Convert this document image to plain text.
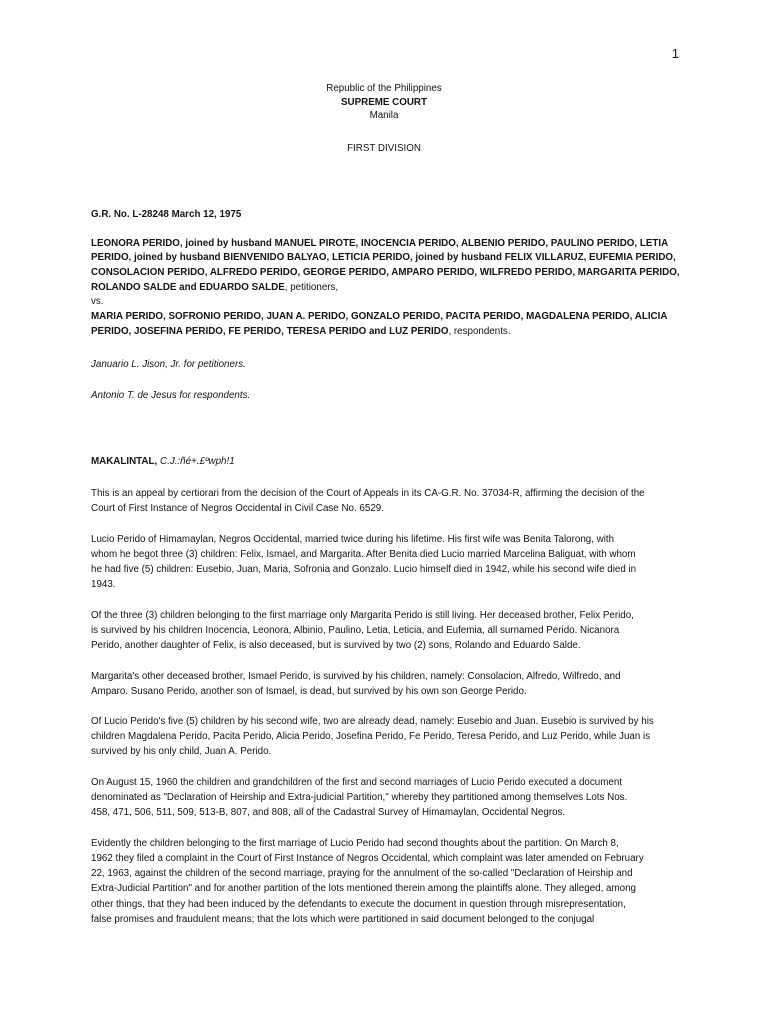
1
Republic of the Philippines
SUPREME COURT
Manila
FIRST DIVISION
G.R. No. L-28248 March 12, 1975
LEONORA PERIDO, joined by husband MANUEL PIROTE, INOCENCIA PERIDO, ALBENIO PERIDO, PAULINO PERIDO, LETIA
PERIDO, joined by husband BIENVENIDO BALYAO, LETICIA PERIDO, joined by husband FELIX VILLARUZ, EUFEMIA PERIDO,
CONSOLACION PERIDO, ALFREDO PERIDO, GEORGE PERIDO, AMPARO PERIDO, WILFREDO PERIDO, MARGARITA PERIDO,
ROLANDO SALDE and EDUARDO SALDE, petitioners,
vs.
MARIA PERIDO, SOFRONIO PERIDO, JUAN A. PERIDO, GONZALO PERIDO, PACITA PERIDO, MAGDALENA PERIDO, ALICIA
PERIDO, JOSEFINA PERIDO, FE PERIDO, TERESA PERIDO and LUZ PERIDO, respondents.
Januario L. Jison, Jr. for petitioners.
Antonio T. de Jesus for respondents.
MAKALINTAL, C.J.:ñé+.£ºwph!1
This is an appeal by certiorari from the decision of the Court of Appeals in its CA-G.R. No. 37034-R, affirming the decision of the
Court of First Instance of Negros Occidental in Civil Case No. 6529.
Lucio Perido of Himamaylan, Negros Occidental, married twice during his lifetime. His first wife was Benita Talorong, with
whom he begot three (3) children: Felix, Ismael, and Margarita. After Benita died Lucio married Marcelina Baliguat, with whom
he had five (5) children: Eusebio, Juan, Maria, Sofronia and Gonzalo. Lucio himself died in 1942, while his second wife died in
1943.
Of the three (3) children belonging to the first marriage only Margarita Perido is still living. Her deceased brother, Felix Perido,
is survived by his children Inocencia, Leonora, Albinio, Paulino, Letia, Leticia, and Eufemia, all surnamed Perido. Nicanora
Perido, another daughter of Felix, is also deceased, but is survived by two (2) sons, Rolando and Eduardo Salde.
Margarita's other deceased brother, Ismael Perido, is survived by his children, namely: Consolacion, Alfredo, Wilfredo, and
Amparo. Susano Perido, another son of Ismael, is dead, but survived by his own son George Perido.
Of Lucio Perido's five (5) children by his second wife, two are already dead, namely: Eusebio and Juan. Eusebio is survived by his
children Magdalena Perido, Pacita Perido, Alicia Perido, Josefina Perido, Fe Perido, Teresa Perido, and Luz Perido, while Juan is
survived by his only child, Juan A. Perido.
On August 15, 1960 the children and grandchildren of the first and second marriages of Lucio Perido executed a document
denominated as "Declaration of Heirship and Extra-judicial Partition," whereby they partitioned among themselves Lots Nos.
458, 471, 506, 511, 509, 513-B, 807, and 808, all of the Cadastral Survey of Himamaylan, Occidental Negros.
Evidently the children belonging to the first marriage of Lucio Perido had second thoughts about the partition. On March 8,
1962 they filed a complaint in the Court of First Instance of Negros Occidental, which complaint was later amended on February
22, 1963, against the children of the second marriage, praying for the annulment of the so-called "Declaration of Heirship and
Extra-Judicial Partition" and for another partition of the lots mentioned therein among the plaintiffs alone. They alleged, among
other things, that they had been induced by the defendants to execute the document in question through misrepresentation,
false promises and fraudulent means; that the lots which were partitioned in said document belonged to the conjugal
